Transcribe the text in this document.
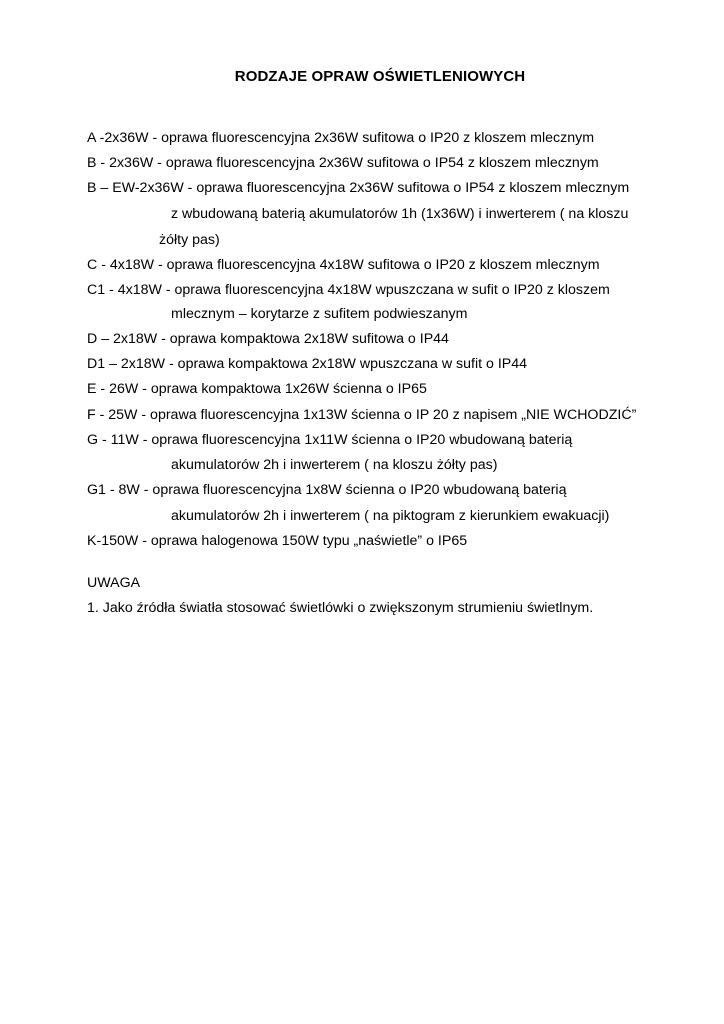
RODZAJE OPRAW OŚWIETLENIOWYCH
A -2x36W - oprawa fluorescencyjna 2x36W sufitowa o IP20 z kloszem mlecznym
B - 2x36W - oprawa fluorescencyjna 2x36W sufitowa o IP54 z kloszem mlecznym
B – EW-2x36W - oprawa fluorescencyjna 2x36W sufitowa o IP54 z kloszem mlecznym
z wbudowaną baterią akumulatorów 1h (1x36W) i inwerterem ( na kloszu
żółty pas)
C - 4x18W - oprawa fluorescencyjna 4x18W sufitowa o IP20 z kloszem mlecznym
C1 - 4x18W - oprawa fluorescencyjna 4x18W wpuszczana w sufit o IP20 z kloszem
mlecznym – korytarze z sufitem podwieszanym
D – 2x18W - oprawa kompaktowa 2x18W sufitowa o IP44
D1 – 2x18W - oprawa kompaktowa 2x18W wpuszczana w sufit o IP44
E - 26W - oprawa kompaktowa 1x26W ścienna o IP65
F - 25W - oprawa fluorescencyjna 1x13W ścienna o IP 20 z napisem „NIE WCHODZIĆ”
G - 11W - oprawa fluorescencyjna 1x11W ścienna o IP20 wbudowaną baterią
akumulatorów 2h i inwerterem ( na kloszu żółty pas)
G1 - 8W - oprawa fluorescencyjna 1x8W ścienna o IP20 wbudowaną baterią
akumulatorów 2h i inwerterem ( na piktogram z kierunkiem ewakuacji)
K-150W - oprawa halogenowa 150W typu „naświetle” o IP65
UWAGA
1. Jako źródła światła stosować świetlówki o zwiększonym strumieniu świetlnym.
